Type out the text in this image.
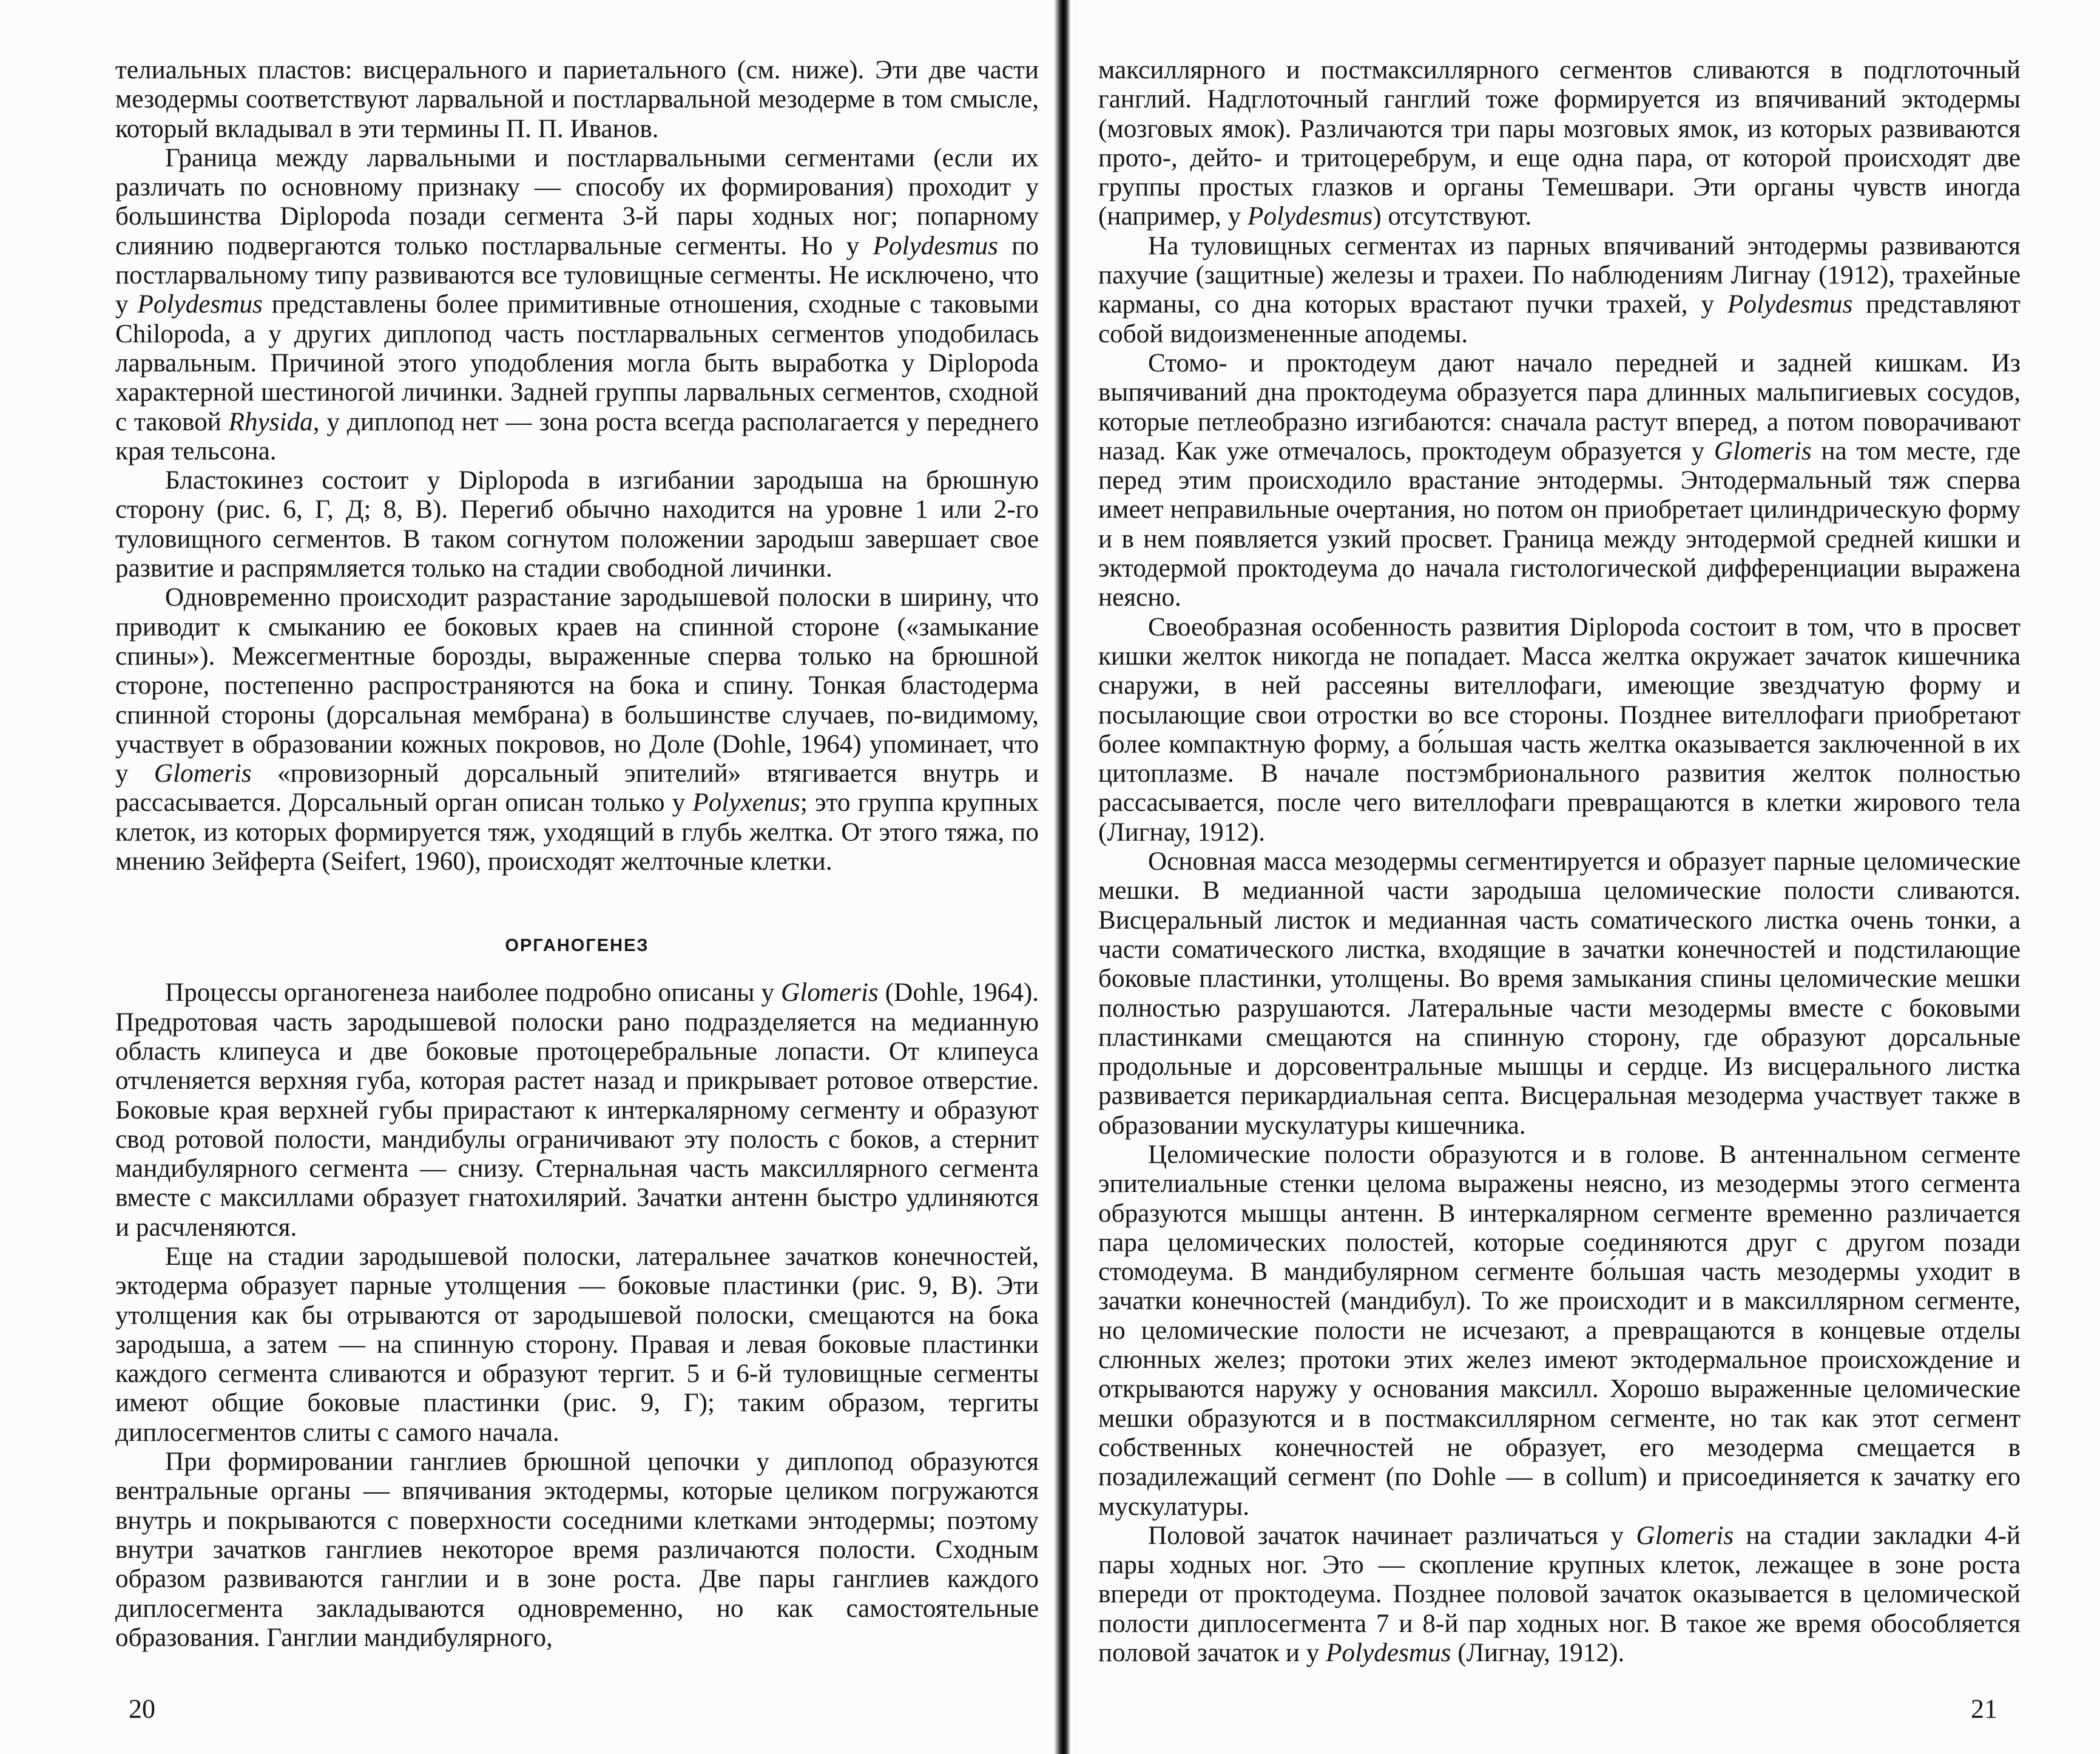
телиальных пластов: висцерального и париетального (см. ниже). Эти две части мезодермы соответствуют ларвальной и постларвальной мезодерме в том смысле, который вкладывал в эти термины П. П. Иванов.

Граница между ларвальными и постларвальными сегментами (если их различать по основному признаку — способу их формирования) проходит у большинства Diplopoda позади сегмента 3-й пары ходных ног; попарному слиянию подвергаются только постларвальные сегменты. Но у Polydesmus по постларвальному типу развиваются все туловищные сегменты. Не исключено, что у Polydesmus представлены более примитивные отношения, сходные с таковыми Chilopoda, а у других диплопод часть постларвальных сегментов уподобилась ларвальным. Причиной этого уподобления могла быть выработка у Diplopoda характерной шестиногой личинки. Задней группы ларвальных сегментов, сходной с таковой Rhysida, у диплопод нет — зона роста всегда располагается у переднего края тельсона.

Бластокинез состоит у Diplopoda в изгибании зародыша на брюшную сторону (рис. 6, Г, Д; 8, В). Перегиб обычно находится на уровне 1 или 2-го туловищного сегментов. В таком согнутом положении зародыш завершает свое развитие и распрямляется только на стадии свободной личинки.

Одновременно происходит разрастание зародышевой полоски в ширину, что приводит к смыканию ее боковых краев на спинной стороне («замыкание спины»). Межсегментные борозды, выраженные сперва только на брюшной стороне, постепенно распространяются на бока и спину. Тонкая бластодерма спинной стороны (дорсальная мембрана) в большинстве случаев, по-видимому, участвует в образовании кожных покровов, но Доле (Dohle, 1964) упоминает, что у Glomeris «провизорный дорсальный эпителий» втягивается внутрь и рассасывается. Дорсальный орган описан только у Polyxenus; это группа крупных клеток, из которых формируется тяж, уходящий в глубь желтка. От этого тяжа, по мнению Зейферта (Seifert, 1960), происходят желточные клетки.

ОРГАНОГЕНЕЗ

Процессы органогенеза наиболее подробно описаны у Glomeris (Dohle, 1964). Предротовая часть зародышевой полоски рано подразделяется на медианную область клипеуса и две боковые протоцеребральные лопасти. От клипеуса отчленяется верхняя губа, которая растет назад и прикрывает ротовое отверстие. Боковые края верхней губы прирастают к интеркалярному сегменту и образуют свод ротовой полости, мандибулы ограничивают эту полость с боков, а стернит мандибулярного сегмента — снизу. Стернальная часть максиллярного сегмента вместе с максиллами образует гнатохилярий. Зачатки антенн быстро удлиняются и расчленяются.

Еще на стадии зародышевой полоски, латеральнее зачатков конечностей, эктодерма образует парные утолщения — боковые пластинки (рис. 9, В). Эти утолщения как бы отрываются от зародышевой полоски, смещаются на бока зародыша, а затем — на спинную сторону. Правая и левая боковые пластинки каждого сегмента сливаются и образуют тергит. 5 и 6-й туловищные сегменты имеют общие боковые пластинки (рис. 9, Г); таким образом, тергиты диплосегментов слиты с самого начала.

При формировании ганглиев брюшной цепочки у диплопод образуются вентральные органы — впячивания эктодермы, которые целиком погружаются внутрь и покрываются с поверхности соседними клетками энтодермы; поэтому внутри зачатков ганглиев некоторое время различаются полости. Сходным образом развиваются ганглии и в зоне роста. Две пары ганглиев каждого диплосегмента закладываются одновременно, но как самостоятельные образования. Ганглии мандибулярного,

20

максиллярного и постмаксиллярного сегментов сливаются в подглоточный ганглий. Надглоточный ганглий тоже формируется из впячиваний эктодермы (мозговых ямок). Различаются три пары мозговых ямок, из которых развиваются прото-, дейто- и тритоцеребрум, и еще одна пара, от которой происходят две группы простых глазков и органы Темешвари. Эти органы чувств иногда (например, у Polydesmus) отсутствуют.

На туловищных сегментах из парных впячиваний энтодермы развиваются пахучие (защитные) железы и трахеи. По наблюдениям Лигнау (1912), трахейные карманы, со дна которых врастают пучки трахей, у Polydesmus представляют собой видоизмененные аподемы.

Стомо- и проктодеум дают начало передней и задней кишкам. Из выпячиваний дна проктодеума образуется пара длинных мальпигиевых сосудов, которые петлеобразно изгибаются: сначала растут вперед, а потом поворачивают назад. Как уже отмечалось, проктодеум образуется у Glomeris на том месте, где перед этим происходило врастание энтодермы. Энтодермальный тяж сперва имеет неправильные очертания, но потом он приобретает цилиндрическую форму и в нем появляется узкий просвет. Граница между энтодермой средней кишки и эктодермой проктодеума до начала гистологической дифференциации выражена неясно.

Своеобразная особенность развития Diplopoda состоит в том, что в просвет кишки желток никогда не попадает. Масса желтка окружает зачаток кишечника снаружи, в ней рассеяны вителлофаги, имеющие звездчатую форму и посылающие свои отростки во все стороны. Позднее вителлофаги приобретают более компактную форму, а бо́льшая часть желтка оказывается заключенной в их цитоплазме. В начале постэмбрионального развития желток полностью рассасывается, после чего вителлофаги превращаются в клетки жирового тела (Лигнау, 1912).

Основная масса мезодермы сегментируется и образует парные целомические мешки. В медианной части зародыша целомические полости сливаются. Висцеральный листок и медианная часть соматического листка очень тонки, а части соматического листка, входящие в зачатки конечностей и подстилающие боковые пластинки, утолщены. Во время замыкания спины целомические мешки полностью разрушаются. Латеральные части мезодермы вместе с боковыми пластинками смещаются на спинную сторону, где образуют дорсальные продольные и дорсовентральные мышцы и сердце. Из висцерального листка развивается перикардиальная септа. Висцеральная мезодерма участвует также в образовании мускулатуры кишечника.

Целомические полости образуются и в голове. В антеннальном сегменте эпителиальные стенки целома выражены неясно, из мезодермы этого сегмента образуются мышцы антенн. В интеркалярном сегменте временно различается пара целомических полостей, которые соединяются друг с другом позади стомодеума. В мандибулярном сегменте бо́льшая часть мезодермы уходит в зачатки конечностей (мандибул). То же происходит и в максиллярном сегменте, но целомические полости не исчезают, а превращаются в концевые отделы слюнных желез; протоки этих желез имеют эктодермальное происхождение и открываются наружу у основания максилл. Хорошо выраженные целомические мешки образуются и в постмаксиллярном сегменте, но так как этот сегмент собственных конечностей не образует, его мезодерма смещается в позадилежащий сегмент (по Dohle — в collum) и присоединяется к зачатку его мускулатуры.

Половой зачаток начинает различаться у Glomeris на стадии закладки 4-й пары ходных ног. Это — скопление крупных клеток, лежащее в зоне роста впереди от проктодеума. Позднее половой зачаток оказывается в целомической полости диплосегмента 7 и 8-й пар ходных ног. В такое же время обособляется половой зачаток и у Polydesmus (Лигнау, 1912).

21
